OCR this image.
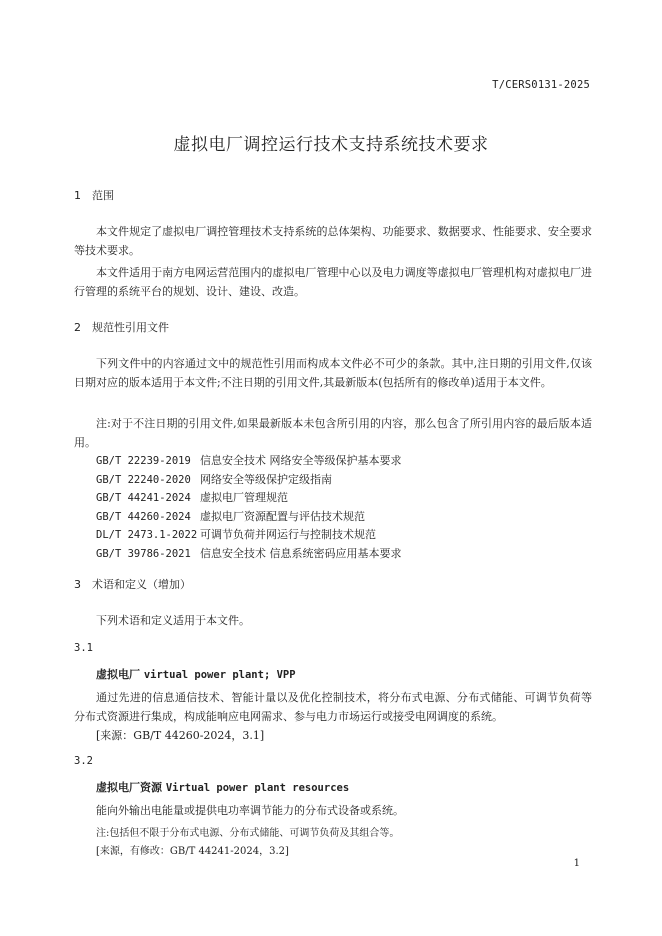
T/CERS0131-2025
虚拟电厂调控运行技术支持系统技术要求
1 范围
本文件规定了虚拟电厂调控管理技术支持系统的总体架构、功能要求、数据要求、性能要求、安全要求等技术要求。
本文件适用于南方电网运营范围内的虚拟电厂管理中心以及电力调度等虚拟电厂管理机构对虚拟电厂进行管理的系统平台的规划、设计、建设、改造。
2 规范性引用文件
下列文件中的内容通过文中的规范性引用而构成本文件必不可少的条款。其中,注日期的引用文件,仅该日期对应的版本适用于本文件;不注日期的引用文件,其最新版本(包括所有的修改单)适用于本文件。
注:对于不注日期的引用文件,如果最新版本未包含所引用的内容，那么包含了所引用内容的最后版本适用。
GB/T 22239-2019 信息安全技术 网络安全等级保护基本要求
GB/T 22240-2020 网络安全等级保护定级指南
GB/T 44241-2024 虚拟电厂管理规范
GB/T 44260-2024 虚拟电厂资源配置与评估技术规范
DL/T 2473.1-2022 可调节负荷并网运行与控制技术规范
GB/T 39786-2021 信息安全技术 信息系统密码应用基本要求
3 术语和定义（增加）
下列术语和定义适用于本文件。
3.1
虚拟电厂 virtual power plant; VPP
通过先进的信息通信技术、智能计量以及优化控制技术，将分布式电源、分布式储能、可调节负荷等 分布式资源进行集成，构成能响应电网需求、参与电力市场运行或接受电网调度的系统。
[来源：GB/T 44260-2024，3.1]
3.2
虚拟电厂资源 Virtual power plant resources
能向外输出电能量或提供电功率调节能力的分布式设备或系统。
注:包括但不限于分布式电源、分布式储能、可调节负荷及其组合等。
[来源，有修改：GB/T 44241-2024，3.2]
1
